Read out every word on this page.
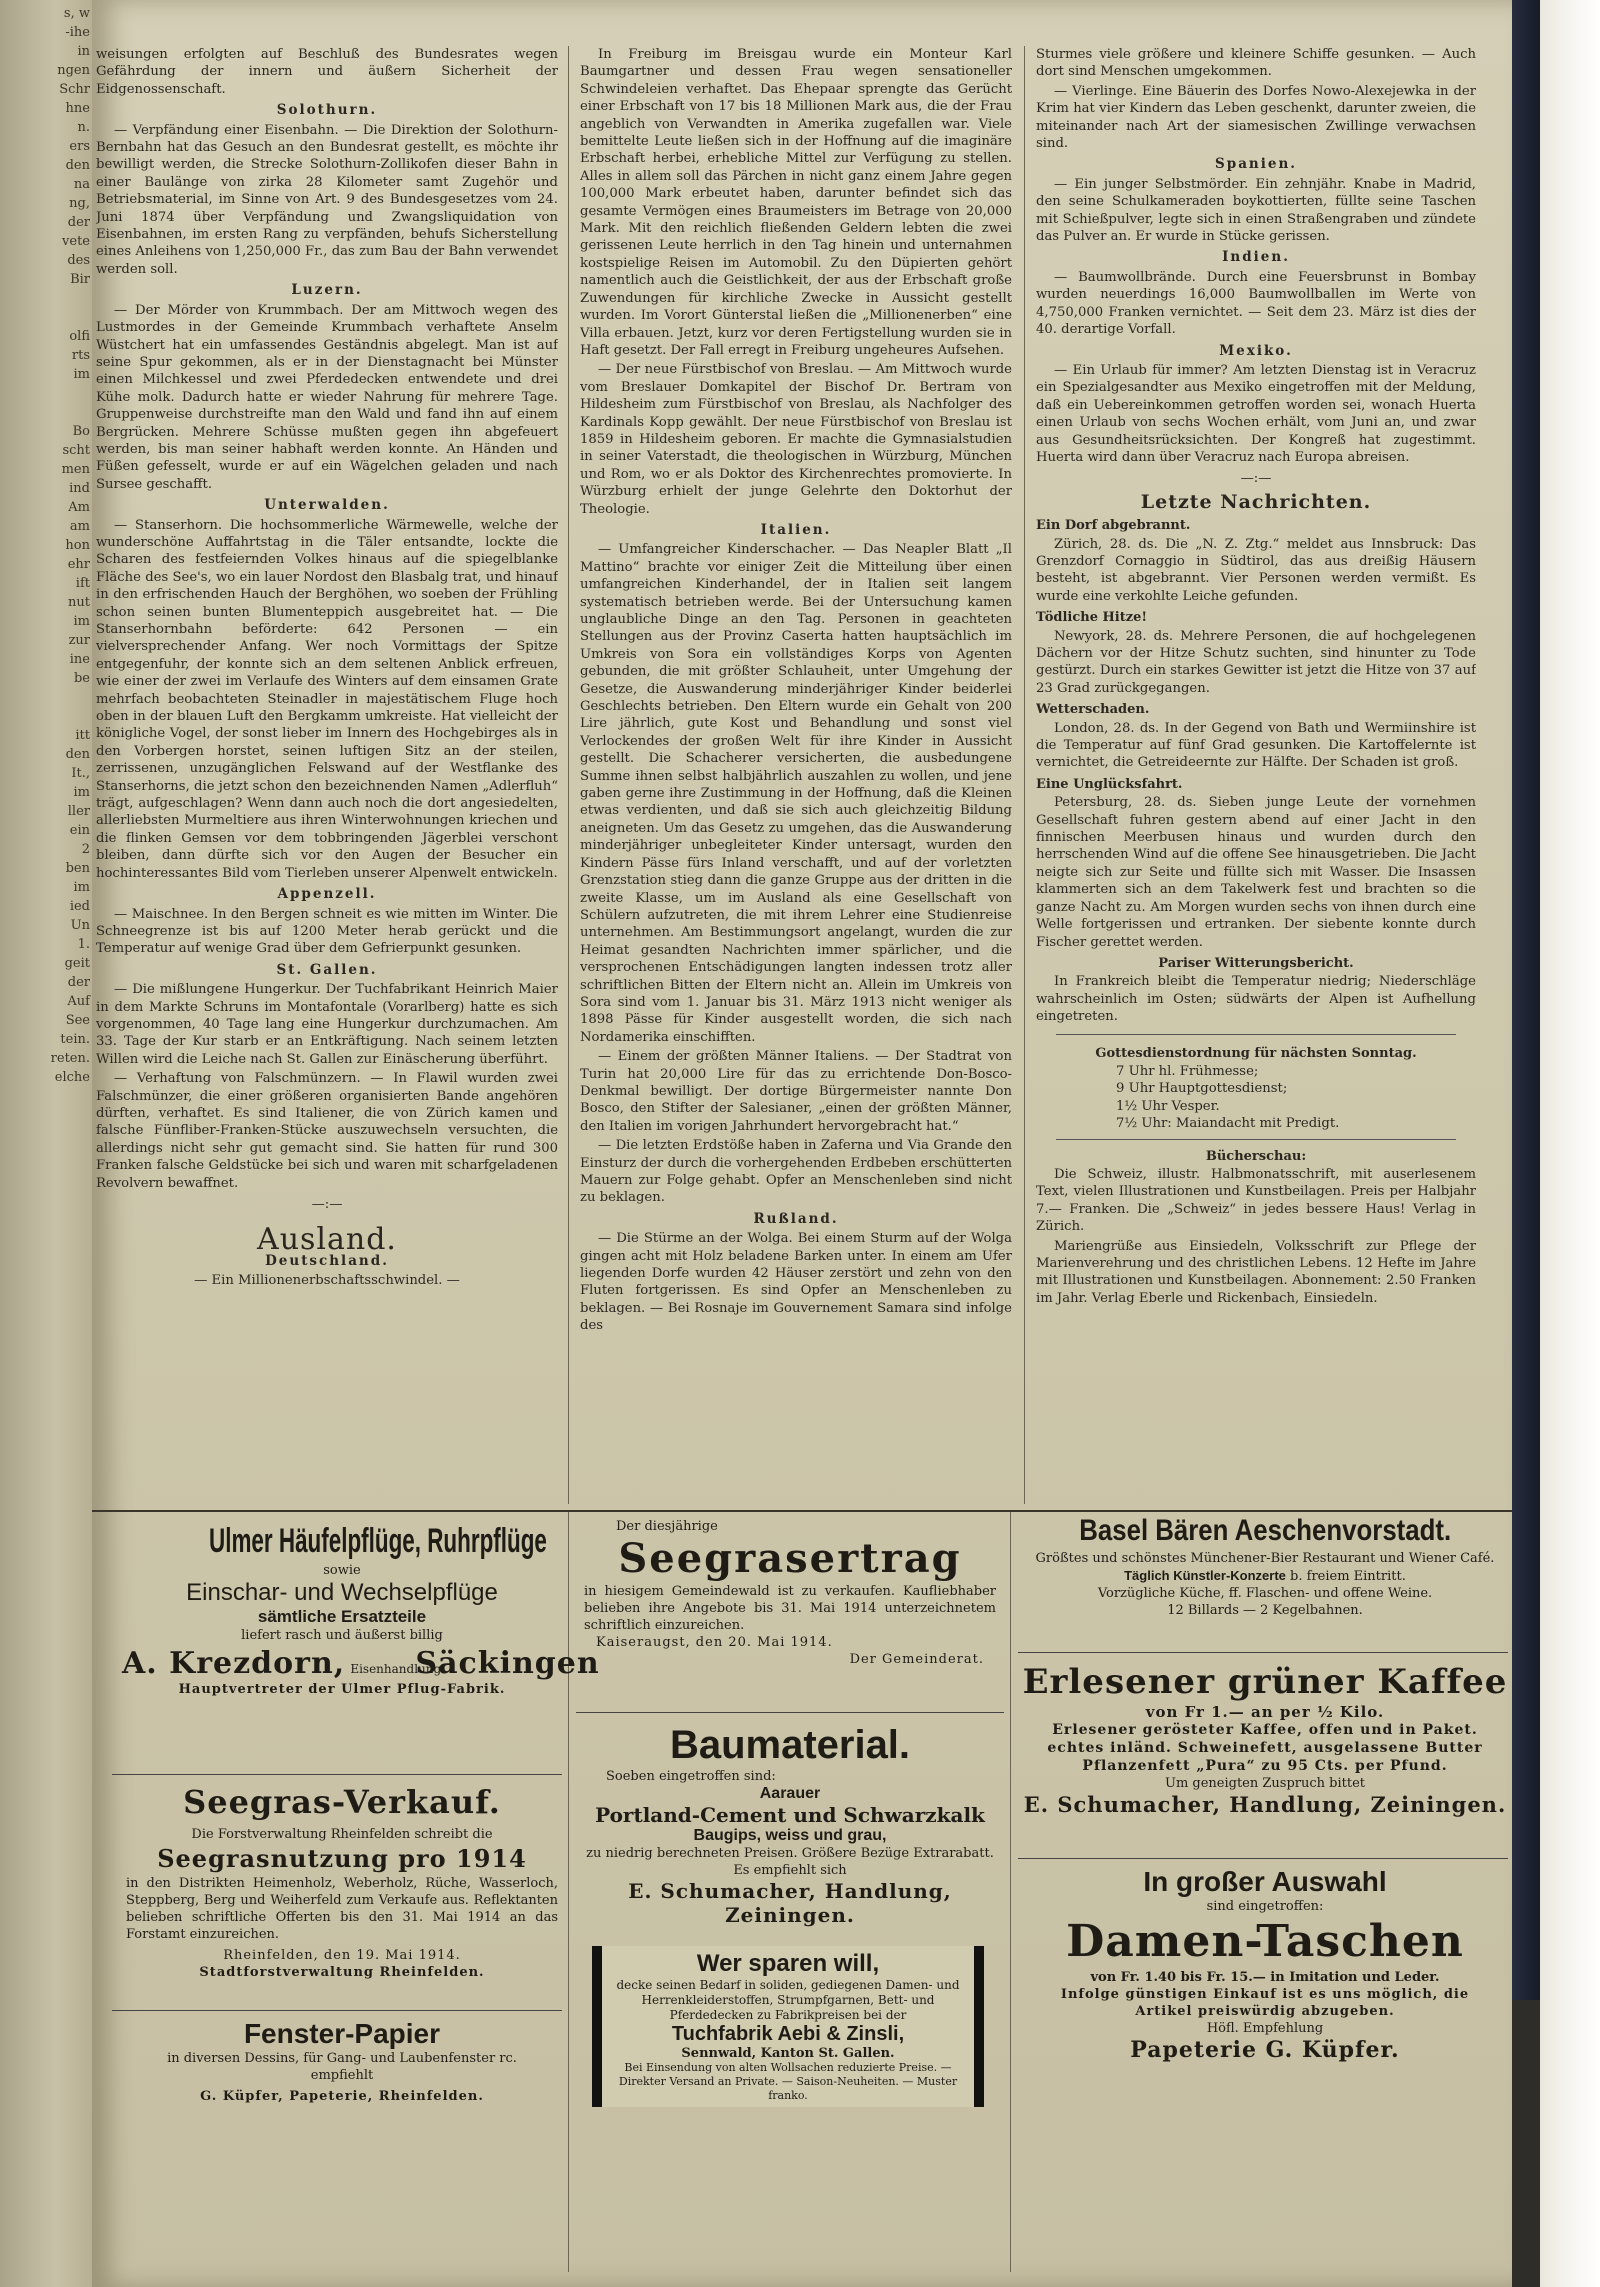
s, w
-ihe
in
ngen
Schr
hne
n.
ers
den
na
ng,
der
vete
des
Bir

olfi
rts
im

Bo
scht
men
ind
Am
am
hon
ehr
ift
nut
im
zur
ine
be

itt
den
It.,
im
ller
ein
2
ben
im
ied
Un
1.
geit
der
Auf
See
tein.
reten.
elche

weisungen erfolgten auf Beschluß des Bundesrates wegen Gefährdung der innern und äußern Sicherheit der Eidgenossenschaft.

Solothurn.

— Verpfändung einer Eisenbahn. — Die Direktion der Solothurn-Bernbahn hat das Gesuch an den Bundesrat gestellt, es möchte ihr bewilligt werden, die Strecke Solothurn-Zollikofen dieser Bahn in einer Baulänge von zirka 28 Kilometer samt Zugehör und Betriebsmaterial, im Sinne von Art. 9 des Bundesgesetzes vom 24. Juni 1874 über Verpfändung und Zwangsliquidation von Eisenbahnen, im ersten Rang zu verpfänden, behufs Sicherstellung eines Anleihens von 1,250,000 Fr., das zum Bau der Bahn verwendet werden soll.

Luzern.

— Der Mörder von Krummbach. Der am Mittwoch wegen des Lustmordes in der Gemeinde Krummbach verhaftete Anselm Wüstchert hat ein umfassendes Geständnis abgelegt. Man ist auf seine Spur gekommen, als er in der Dienstagnacht bei Münster einen Milchkessel und zwei Pferdedecken entwendete und drei Kühe molk. Dadurch hatte er wieder Nahrung für mehrere Tage. Gruppenweise durchstreifte man den Wald und fand ihn auf einem Bergrücken. Mehrere Schüsse mußten gegen ihn abgefeuert werden, bis man seiner habhaft werden konnte. An Händen und Füßen gefesselt, wurde er auf ein Wägelchen geladen und nach Sursee geschafft.

Unterwalden.

— Stanserhorn. Die hochsommerliche Wärmewelle, welche der wunderschöne Auffahrtstag in die Täler entsandte, lockte die Scharen des festfeiernden Volkes hinaus auf die spiegelblanke Fläche des See's, wo ein lauer Nordost den Blasbalg trat, und hinauf in den erfrischenden Hauch der Berghöhen, wo soeben der Frühling schon seinen bunten Blumenteppich ausgebreitet hat. — Die Stanserhornbahn beförderte: 642 Personen — ein vielversprechender Anfang. Wer noch Vormittags der Spitze entgegenfuhr, der konnte sich an dem seltenen Anblick erfreuen, wie einer der zwei im Verlaufe des Winters auf dem einsamen Grate mehrfach beobachteten Steinadler in majestätischem Fluge hoch oben in der blauen Luft den Bergkamm umkreiste. Hat vielleicht der königliche Vogel, der sonst lieber im Innern des Hochgebirges als in den Vorbergen horstet, seinen luftigen Sitz an der steilen, zerrissenen, unzugänglichen Felswand auf der Westflanke des Stanserhorns, die jetzt schon den bezeichnenden Namen „Adlerfluh“ trägt, aufgeschlagen? Wenn dann auch noch die dort angesiedelten, allerliebsten Murmeltiere aus ihren Winterwohnungen kriechen und die flinken Gemsen vor dem tobbringenden Jägerblei verschont bleiben, dann dürfte sich vor den Augen der Besucher ein hochinteressantes Bild vom Tierleben unserer Alpenwelt entwickeln.

Appenzell.

— Maischnee. In den Bergen schneit es wie mitten im Winter. Die Schneegrenze ist bis auf 1200 Meter herab gerückt und die Temperatur auf wenige Grad über dem Gefrierpunkt gesunken.

St. Gallen.

— Die mißlungene Hungerkur. Der Tuchfabrikant Heinrich Maier in dem Markte Schruns im Montafontale (Vorarlberg) hatte es sich vorgenommen, 40 Tage lang eine Hungerkur durchzumachen. Am 33. Tage der Kur starb er an Entkräftigung. Nach seinem letzten Willen wird die Leiche nach St. Gallen zur Einäscherung überführt.

— Verhaftung von Falschmünzern. — In Flawil wurden zwei Falschmünzer, die einer größeren organisierten Bande angehören dürften, verhaftet. Es sind Italiener, die von Zürich kamen und falsche Fünfliber-Franken-Stücke auszuwechseln versuchten, die allerdings nicht sehr gut gemacht sind. Sie hatten für rund 300 Franken falsche Geldstücke bei sich und waren mit scharfgeladenen Revolvern bewaffnet.

—:—
Ausland.
Deutschland.

— Ein Millionenerbschaftsschwindel. —

In Freiburg im Breisgau wurde ein Monteur Karl Baumgartner und dessen Frau wegen sensationeller Schwindeleien verhaftet. Das Ehepaar sprengte das Gerücht einer Erbschaft von 17 bis 18 Millionen Mark aus, die der Frau angeblich von Verwandten in Amerika zugefallen war. Viele bemittelte Leute ließen sich in der Hoffnung auf die imaginäre Erbschaft herbei, erhebliche Mittel zur Verfügung zu stellen. Alles in allem soll das Pärchen in nicht ganz einem Jahre gegen 100,000 Mark erbeutet haben, darunter befindet sich das gesamte Vermögen eines Braumeisters im Betrage von 20,000 Mark. Mit den reichlich fließenden Geldern lebten die zwei gerissenen Leute herrlich in den Tag hinein und unternahmen kostspielige Reisen im Automobil. Zu den Düpierten gehört namentlich auch die Geistlichkeit, der aus der Erbschaft große Zuwendungen für kirchliche Zwecke in Aussicht gestellt wurden. Im Vorort Günterstal ließen die „Millionenerben“ eine Villa erbauen. Jetzt, kurz vor deren Fertigstellung wurden sie in Haft gesetzt. Der Fall erregt in Freiburg ungeheures Aufsehen.

— Der neue Fürstbischof von Breslau. — Am Mittwoch wurde vom Breslauer Domkapitel der Bischof Dr. Bertram von Hildesheim zum Fürstbischof von Breslau, als Nachfolger des Kardinals Kopp gewählt. Der neue Fürstbischof von Breslau ist 1859 in Hildesheim geboren. Er machte die Gymnasialstudien in seiner Vaterstadt, die theologischen in Würzburg, München und Rom, wo er als Doktor des Kirchenrechtes promovierte. In Würzburg erhielt der junge Gelehrte den Doktorhut der Theologie.

Italien.

— Umfangreicher Kinderschacher. — Das Neapler Blatt „Il Mattino“ brachte vor einiger Zeit die Mitteilung über einen umfangreichen Kinderhandel, der in Italien seit langem systematisch betrieben werde. Bei der Untersuchung kamen unglaubliche Dinge an den Tag. Personen in geachteten Stellungen aus der Provinz Caserta hatten hauptsächlich im Umkreis von Sora ein vollständiges Korps von Agenten gebunden, die mit größter Schlauheit, unter Umgehung der Gesetze, die Auswanderung minderjähriger Kinder beiderlei Geschlechts betrieben. Den Eltern wurde ein Gehalt von 200 Lire jährlich, gute Kost und Behandlung und sonst viel Verlockendes der großen Welt für ihre Kinder in Aussicht gestellt. Die Schacherer versicherten, die ausbedungene Summe ihnen selbst halbjährlich auszahlen zu wollen, und jene gaben gerne ihre Zustimmung in der Hoffnung, daß die Kleinen etwas verdienten, und daß sie sich auch gleichzeitig Bildung aneigneten. Um das Gesetz zu umgehen, das die Auswanderung minderjähriger unbegleiteter Kinder untersagt, wurden den Kindern Pässe fürs Inland verschafft, und auf der vorletzten Grenzstation stieg dann die ganze Gruppe aus der dritten in die zweite Klasse, um im Ausland als eine Gesellschaft von Schülern aufzutreten, die mit ihrem Lehrer eine Studienreise unternehmen. Am Bestimmungsort angelangt, wurden die zur Heimat gesandten Nachrichten immer spärlicher, und die versprochenen Entschädigungen langten indessen trotz aller schriftlichen Bitten der Eltern nicht an. Allein im Umkreis von Sora sind vom 1. Januar bis 31. März 1913 nicht weniger als 1898 Pässe für Kinder ausgestellt worden, die sich nach Nordamerika einschifften.

— Einem der größten Männer Italiens. — Der Stadtrat von Turin hat 20,000 Lire für das zu errichtende Don-Bosco-Denkmal bewilligt. Der dortige Bürgermeister nannte Don Bosco, den Stifter der Salesianer, „einen der größten Männer, den Italien im vorigen Jahrhundert hervorgebracht hat.“

— Die letzten Erdstöße haben in Zaferna und Via Grande den Einsturz der durch die vorhergehenden Erdbeben erschütterten Mauern zur Folge gehabt. Opfer an Menschenleben sind nicht zu beklagen.

Rußland.

— Die Stürme an der Wolga. Bei einem Sturm auf der Wolga gingen acht mit Holz beladene Barken unter. In einem am Ufer liegenden Dorfe wurden 42 Häuser zerstört und zehn von den Fluten fortgerissen. Es sind Opfer an Menschenleben zu beklagen. — Bei Rosnaje im Gouvernement Samara sind infolge des

Sturmes viele größere und kleinere Schiffe gesunken. — Auch dort sind Menschen umgekommen.

— Vierlinge. Eine Bäuerin des Dorfes Nowo-Alexejewka in der Krim hat vier Kindern das Leben geschenkt, darunter zweien, die miteinander nach Art der siamesischen Zwillinge verwachsen sind.

Spanien.

— Ein junger Selbstmörder. Ein zehnjähr. Knabe in Madrid, den seine Schulkameraden boykottierten, füllte seine Taschen mit Schießpulver, legte sich in einen Straßengraben und zündete das Pulver an. Er wurde in Stücke gerissen.

Indien.

— Baumwollbrände. Durch eine Feuersbrunst in Bombay wurden neuerdings 16,000 Baumwollballen im Werte von 4,750,000 Franken vernichtet. — Seit dem 23. März ist dies der 40. derartige Vorfall.

Mexiko.

— Ein Urlaub für immer? Am letzten Dienstag ist in Veracruz ein Spezialgesandter aus Mexiko eingetroffen mit der Meldung, daß ein Uebereinkommen getroffen worden sei, wonach Huerta einen Urlaub von sechs Wochen erhält, vom Juni an, und zwar aus Gesundheitsrücksichten. Der Kongreß hat zugestimmt. Huerta wird dann über Veracruz nach Europa abreisen.

—:—
Letzte Nachrichten.
Ein Dorf abgebrannt.

Zürich, 28. ds. Die „N. Z. Ztg.“ meldet aus Innsbruck: Das Grenzdorf Cornaggio in Südtirol, das aus dreißig Häusern besteht, ist abgebrannt. Vier Personen werden vermißt. Es wurde eine verkohlte Leiche gefunden.

Tödliche Hitze!

Newyork, 28. ds. Mehrere Personen, die auf hochgelegenen Dächern vor der Hitze Schutz suchten, sind hinunter zu Tode gestürzt. Durch ein starkes Gewitter ist jetzt die Hitze von 37 auf 23 Grad zurückgegangen.

Wetterschaden.

London, 28. ds. In der Gegend von Bath und Wermiinshire ist die Temperatur auf fünf Grad gesunken. Die Kartoffelernte ist vernichtet, die Getreideernte zur Hälfte. Der Schaden ist groß.

Eine Unglücksfahrt.

Petersburg, 28. ds. Sieben junge Leute der vornehmen Gesellschaft fuhren gestern abend auf einer Jacht in den finnischen Meerbusen hinaus und wurden durch den herrschenden Wind auf die offene See hinausgetrieben. Die Jacht neigte sich zur Seite und füllte sich mit Wasser. Die Insassen klammerten sich an dem Takelwerk fest und brachten so die ganze Nacht zu. Am Morgen wurden sechs von ihnen durch eine Welle fortgerissen und ertranken. Der siebente konnte durch Fischer gerettet werden.

Pariser Witterungsbericht.

In Frankreich bleibt die Temperatur niedrig; Niederschläge wahrscheinlich im Osten; südwärts der Alpen ist Aufhellung eingetreten.

Gottesdienstordnung für nächsten Sonntag.
7 Uhr hl. Frühmesse;
9 Uhr Hauptgottesdienst;
1½ Uhr Vesper.
7½ Uhr: Maiandacht mit Predigt.
Bücherschau:

Die Schweiz, illustr. Halbmonatsschrift, mit auserlesenem Text, vielen Illustrationen und Kunstbeilagen. Preis per Halbjahr 7.— Franken. Die „Schweiz“ in jedes bessere Haus! Verlag in Zürich.

Mariengrüße aus Einsiedeln, Volksschrift zur Pflege der Marienverehrung und des christlichen Lebens. 12 Hefte im Jahre mit Illustrationen und Kunstbeilagen. Abonnement: 2.50 Franken im Jahr. Verlag Eberle und Rickenbach, Einsiedeln.

Ulmer Häufelpflüge, Ruhrpflüge
sowie
Einschar- und Wechselpflüge
sämtliche Ersatzteile
liefert rasch und äußerst billig
A. Krezdorn, Eisenhandlung Säckingen
Hauptvertreter der Ulmer Pflug-Fabrik.
Seegras-Verkauf.
Die Forstverwaltung Rheinfelden schreibt die
Seegrasnutzung pro 1914
in den Distrikten Heimenholz, Weberholz, Rüche, Wasserloch, Steppberg, Berg und Weiherfeld zum Verkaufe aus. Reflektanten belieben schriftliche Offerten bis den 31. Mai 1914 an das Forstamt einzureichen.
Rheinfelden, den 19. Mai 1914.
Stadtforstverwaltung Rheinfelden.
Fenster-Papier
in diversen Dessins, für Gang- und Laubenfenster rc. empfiehlt
G. Küpfer, Papeterie, Rheinfelden.
Der diesjährige
Seegrasertrag
in hiesigem Gemeindewald ist zu verkaufen. Kaufliebhaber belieben ihre Angebote bis 31. Mai 1914 unterzeichnetem schriftlich einzureichen.
Kaiseraugst, den 20. Mai 1914.
Der Gemeinderat.
Baumaterial.
Soeben eingetroffen sind:
Aarauer
Portland-Cement und Schwarzkalk
Baugips, weiss und grau,
zu niedrig berechneten Preisen. Größere Bezüge Extrarabatt.
Es empfiehlt sich
E. Schumacher, Handlung, Zeiningen.
Wer sparen will,
decke seinen Bedarf in soliden, gediegenen Damen- und Herrenkleiderstoffen, Strumpfgarnen, Bett- und Pferdedecken zu Fabrikpreisen bei der
Tuchfabrik Aebi & Zinsli,
Sennwald, Kanton St. Gallen.
Bei Einsendung von alten Wollsachen reduzierte Preise. — Direkter Versand an Private. — Saison-Neuheiten. — Muster franko.
Basel Bären Aeschenvorstadt.
Größtes und schönstes Münchener-Bier Restaurant und Wiener Café.
Täglich Künstler-Konzerte b. freiem Eintritt.
Vorzügliche Küche, ff. Flaschen- und offene Weine.
12 Billards — 2 Kegelbahnen.
Erlesener grüner Kaffee
von Fr 1.— an per ½ Kilo.
Erlesener gerösteter Kaffee, offen und in Paket. echtes inländ. Schweinefett, ausgelassene Butter Pflanzenfett „Pura“ zu 95 Cts. per Pfund.
Um geneigten Zuspruch bittet
E. Schumacher, Handlung, Zeiningen.
In großer Auswahl
sind eingetroffen:
Damen-Taschen
von Fr. 1.40 bis Fr. 15.— in Imitation und Leder.
Infolge günstigen Einkauf ist es uns möglich, die Artikel preiswürdig abzugeben.
Höfl. Empfehlung
Papeterie G. Küpfer.
